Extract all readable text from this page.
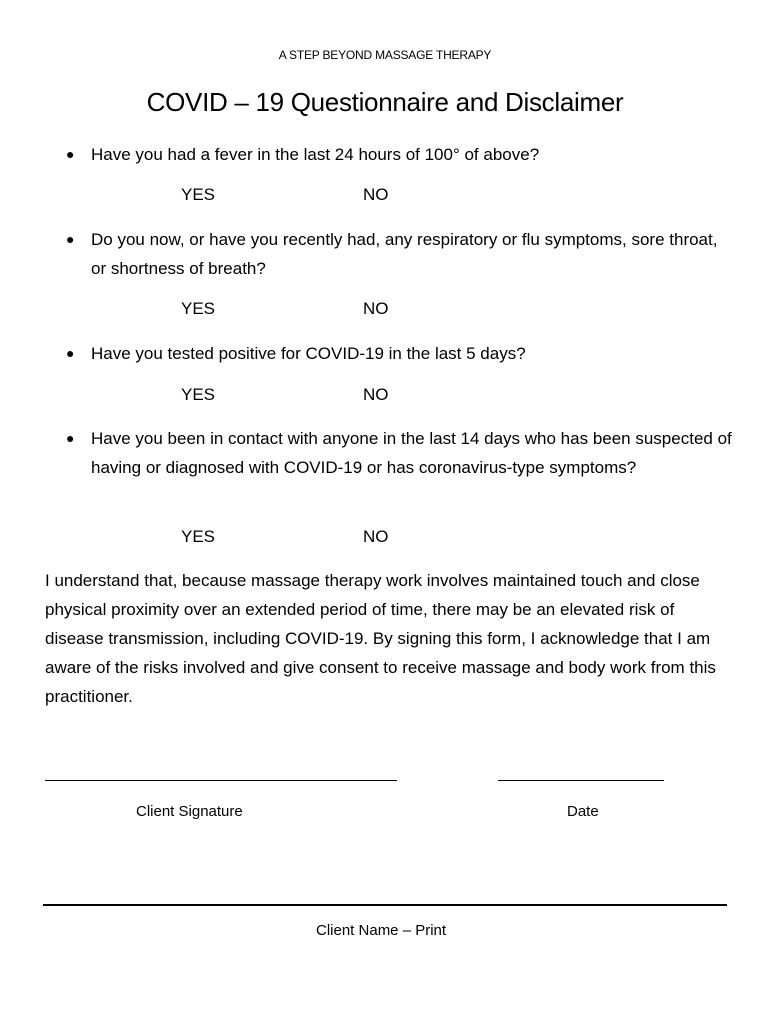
A STEP BEYOND MASSAGE THERAPY
COVID – 19 Questionnaire and Disclaimer
● Have you had a fever in the last 24 hours of 100° of above?
YES	NO
● Do you now, or have you recently had, any respiratory or flu symptoms, sore throat, or shortness of breath?
YES	NO
● Have you tested positive for COVID-19 in the last 5 days?
YES	NO
● Have you been in contact with anyone in the last 14 days who has been suspected of having or diagnosed with COVID-19 or has coronavirus-type symptoms?
YES	NO
I understand that, because massage therapy work involves maintained touch and close physical proximity over an extended period of time, there may be an elevated risk of disease transmission, including COVID-19. By signing this form, I acknowledge that I am aware of the risks involved and give consent to receive massage and body work from this practitioner.
Client Signature	Date
Client Name – Print
